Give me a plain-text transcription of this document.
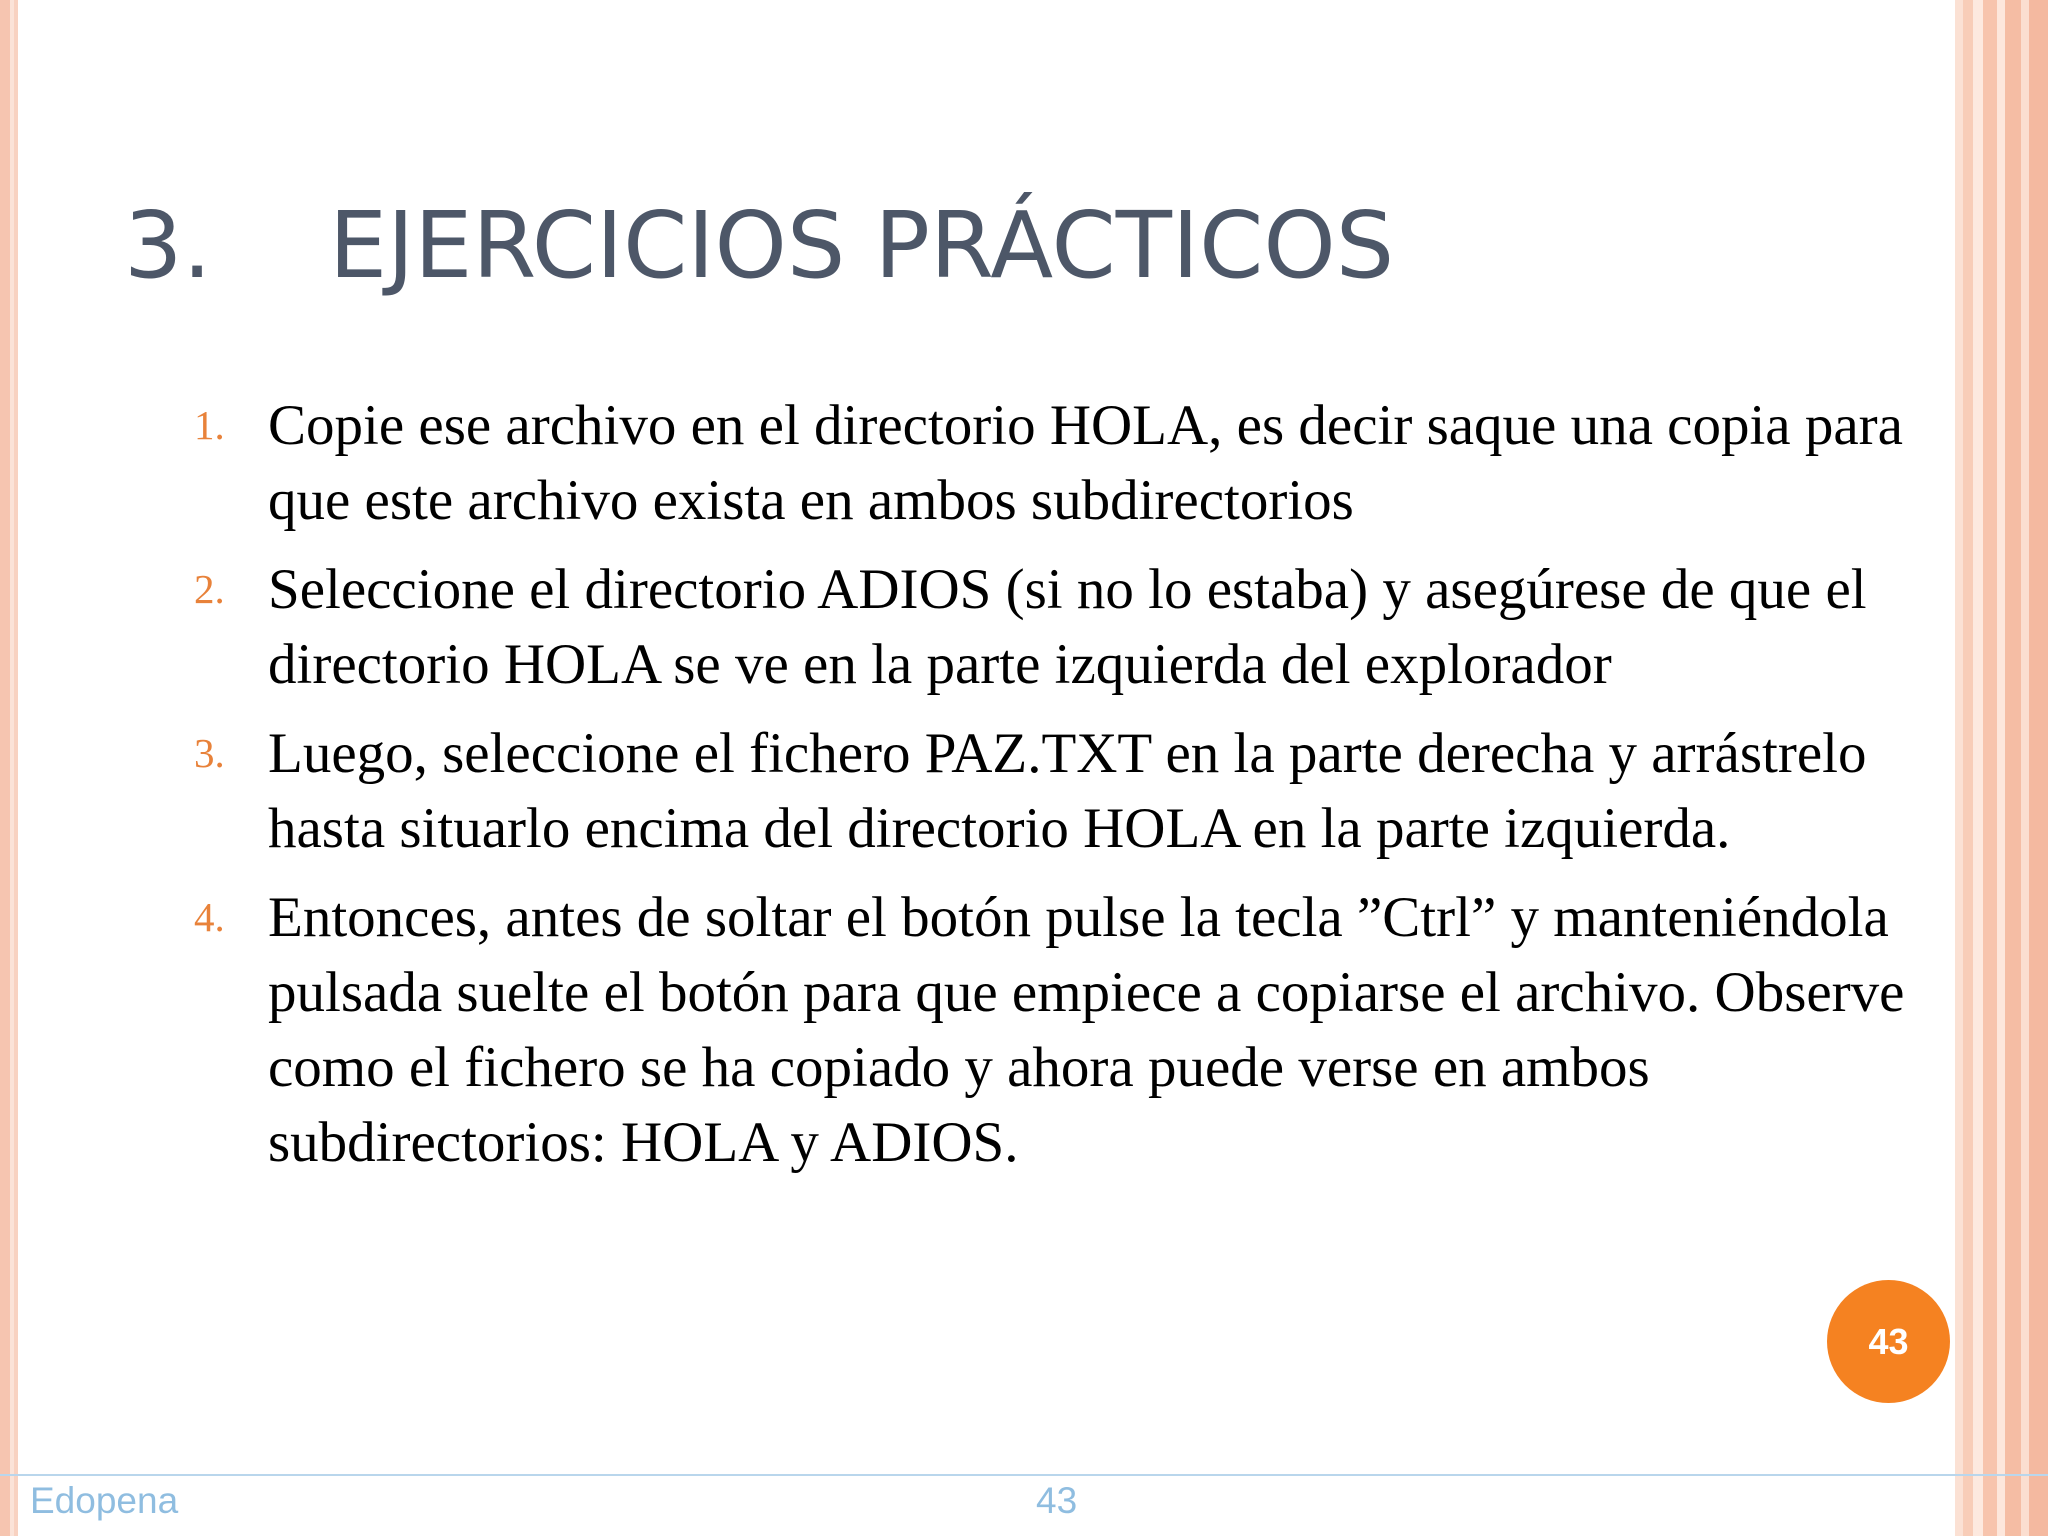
3. EJERCICIOS PRÁCTICOS
1. Copie ese archivo en el directorio HOLA, es decir saque una copia para que este archivo exista en ambos subdirectorios
2. Seleccione el directorio ADIOS (si no lo estaba) y asegúrese de que el directorio HOLA se ve en la parte izquierda del explorador
3. Luego, seleccione el fichero PAZ.TXT en la parte derecha y arrástrelo hasta situarlo encima del directorio HOLA en la parte izquierda.
4. Entonces, antes de soltar el botón pulse la tecla ”Ctrl” y manteniéndola pulsada suelte el botón para que empiece a copiarse el archivo. Observe como el fichero se ha copiado y ahora puede verse en ambos subdirectorios: HOLA y ADIOS.
43
Edopena	43
